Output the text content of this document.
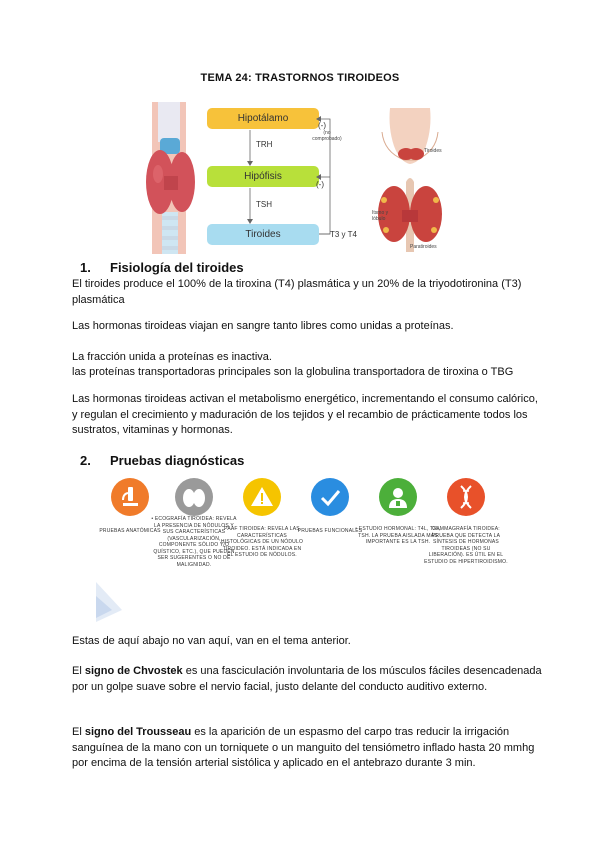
TEMA 24: TRASTORNOS TIROIDEOS
Hipotálamo
Hipófisis
Tiroides
TRH
TSH
(-)
(no comprobado)
(-)
T3 y T4
Tiroides
Itsmo y lóbulo
Paratiroides
1. Fisiología del tiroides
El tiroides produce el 100% de la tiroxina (T4) plasmática y un 20% de la triyodotironina (T3) plasmática
Las hormonas tiroideas viajan en sangre tanto libres como unidas a proteínas.
La fracción unida a proteínas es inactiva.
las proteínas transportadoras principales son la globulina transportadora de tiroxina o TBG
Las hormonas tiroideas activan el metabolismo energético, incrementando el consumo calórico, y regulan el crecimiento y maduración de los tejidos y el recambio de prácticamente todos los sustratos, vitaminas y hormonas.
2. Pruebas diagnósticas
PRUEBAS ANATÓMICAS
• ECOGRAFÍA TIROIDEA: REVELA LA PRESENCIA DE NÓDULOS Y SUS CARACTERÍSTICAS (VASCULARIZACIÓN, COMPONENTE SÓLIDO Y/O QUÍSTICO, ETC.), QUE PUEDEN SER SUGERENTES O NO DE MALIGNIDAD.
PAAF TIROIDEA: REVELA LAS CARACTERÍSTICAS HISTOLÓGICAS DE UN NÓDULO TIROIDEO. ESTÁ INDICADA EN EL ESTUDIO DE NÓDULOS.
PRUEBAS FUNCIONALES
• ESTUDIO HORMONAL: T4L, T3L, TSH. LA PRUEBA AISLADA MÁS IMPORTANTE ES LA TSH.
GAMMAGRAFÍA TIROIDEA: PRUEBA QUE DETECTA LA SÍNTESIS DE HORMONAS TIROIDEAS (NO SU LIBERACIÓN). ES ÚTIL EN EL ESTUDIO DE HIPERTIROIDISMO.
Estas de aquí abajo no van aquí, van en el tema anterior.
El signo de Chvostek es una fasciculación involuntaria de los músculos fáciles desencadenada por un golpe suave sobre el nervio facial, justo delante del conducto auditivo externo.
El signo del Trousseau es la aparición de un espasmo del carpo tras reducir la irrigación sanguínea de la mano con un torniquete o un manguito del tensiómetro inflado hasta 20 mmhg por encima de la tensión arterial sistólica y aplicado en el antebrazo durante 3 min.
